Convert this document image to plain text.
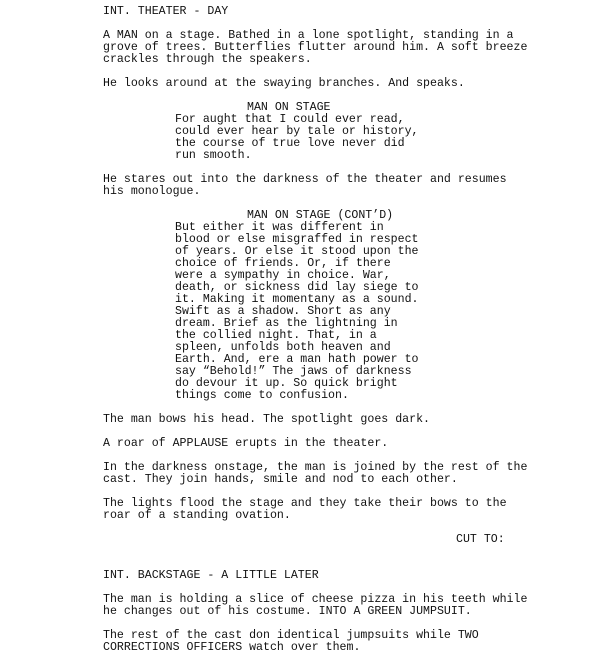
INT. THEATER - DAY
A MAN on a stage. Bathed in a lone spotlight, standing in a
grove of trees. Butterflies flutter around him. A soft breeze
crackles through the speakers.
He looks around at the swaying branches. And speaks.
MAN ON STAGE
For aught that I could ever read,
could ever hear by tale or history,
the course of true love never did
run smooth.
He stares out into the darkness of the theater and resumes
his monologue.
MAN ON STAGE (CONT’D)
But either it was different in
blood or else misgraffed in respect
of years. Or else it stood upon the
choice of friends. Or, if there
were a sympathy in choice. War,
death, or sickness did lay siege to
it. Making it momentany as a sound.
Swift as a shadow. Short as any
dream. Brief as the lightning in
the collied night. That, in a
spleen, unfolds both heaven and
Earth. And, ere a man hath power to
say “Behold!” The jaws of darkness
do devour it up. So quick bright
things come to confusion.
The man bows his head. The spotlight goes dark.
A roar of APPLAUSE erupts in the theater.
In the darkness onstage, the man is joined by the rest of the
cast. They join hands, smile and nod to each other.
The lights flood the stage and they take their bows to the
roar of a standing ovation.
CUT TO:
INT. BACKSTAGE - A LITTLE LATER
The man is holding a slice of cheese pizza in his teeth while
he changes out of his costume. INTO A GREEN JUMPSUIT.
The rest of the cast don identical jumpsuits while TWO
CORRECTIONS OFFICERS watch over them.
